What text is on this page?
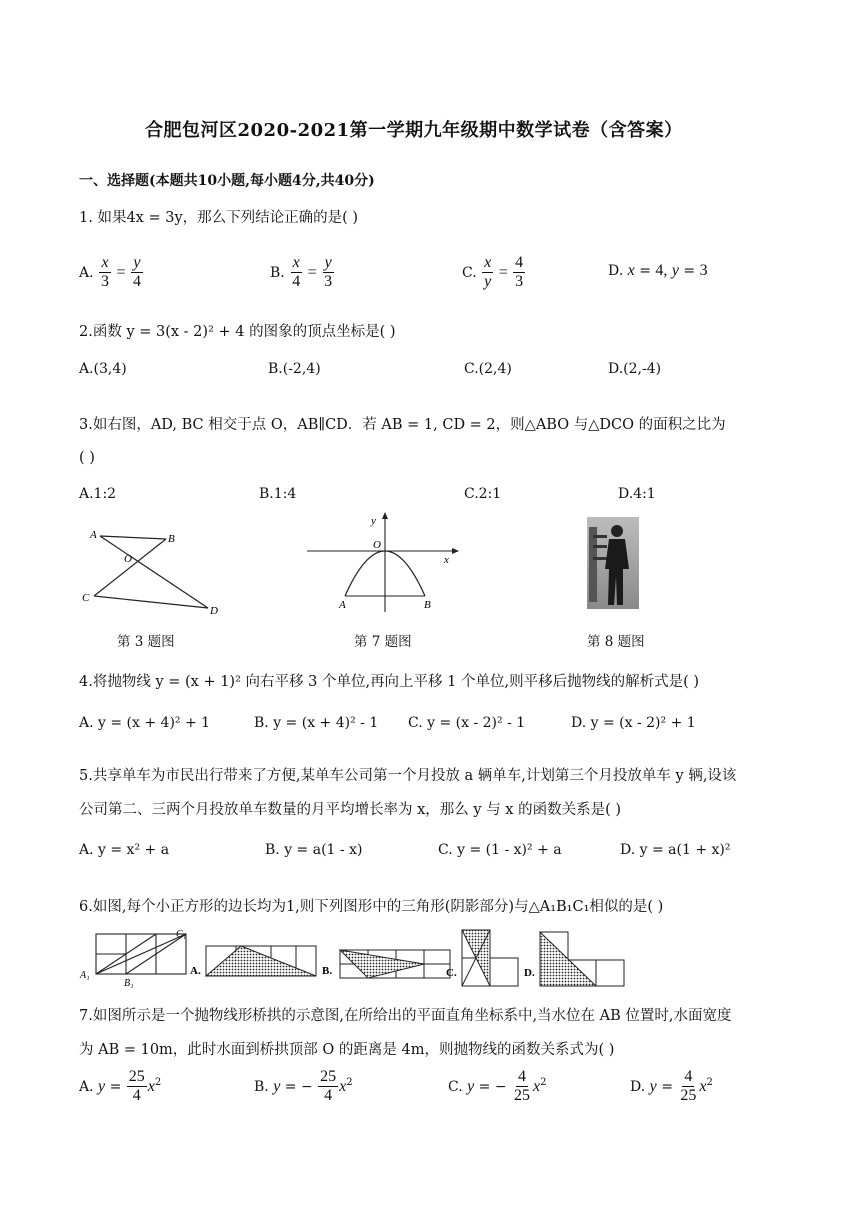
合肥包河区2020-2021第一学期九年级期中数学试卷（含答案）
一、选择题(本题共10小题,每小题4分,共40分)
1. 如果4x = 3y，那么下列结论正确的是( )
A. $\frac{x}{3} = \frac{y}{4}$	B. $\frac{x}{4} = \frac{y}{3}$	C. $\frac{x}{y} = \frac{4}{3}$	D. x = 4, y = 3
2.函数 y = 3(x - 2)² + 4 的图象的顶点坐标是( )
A.(3,4)	B.(-2,4)	C.(2,4)	D.(2,-4)
3.如右图，AD, BC 相交于点 O，AB∥CD．若 AB = 1, CD = 2，则△ABO 与△DCO 的面积之比为
( )
A.1:2	B.1:4	C.2:1	D.4:1
A	B
O
C
D
第 3 题图
y
O
x
A	B
第 7 题图	第 8 题图
4.将抛物线 y = (x + 1)² 向右平移 3 个单位,再向上平移 1 个单位,则平移后抛物线的解析式是( )
A. y = (x + 4)² + 1	B. y = (x + 4)² - 1 C. y = (x - 2)² - 1	D. y = (x - 2)² + 1
5.共享单车为市民出行带来了方便,某单车公司第一个月投放 a 辆单车,计划第三个月投放单车 y 辆,设该
公司第二、三两个月投放单车数量的月平均增长率为 x，那么 y 与 x 的函数关系是( )
A. y = x² + a	B. y = a(1 - x)	C. y = (1 - x)² + a	D. y = a(1 + x)²
6.如图,每个小正方形的边长均为1,则下列图形中的三角形(阴影部分)与△A₁B₁C₁相似的是( )
C₁
A₁
B₁
A.	B.	C.	D.
7.如图所示是一个抛物线形桥拱的示意图,在所给出的平面直角坐标系中,当水位在 AB 位置时,水面宽度
为 AB = 10m，此时水面到桥拱顶部 O 的距离是 4m，则抛物线的函数关系式为( )
A. $y = \frac{25}{4} x^2$	B. y = − $\frac{25}{4} x^2$	C. y = − $\frac{4}{25} x^2$	D. $y = \frac{4}{25} x^2$
